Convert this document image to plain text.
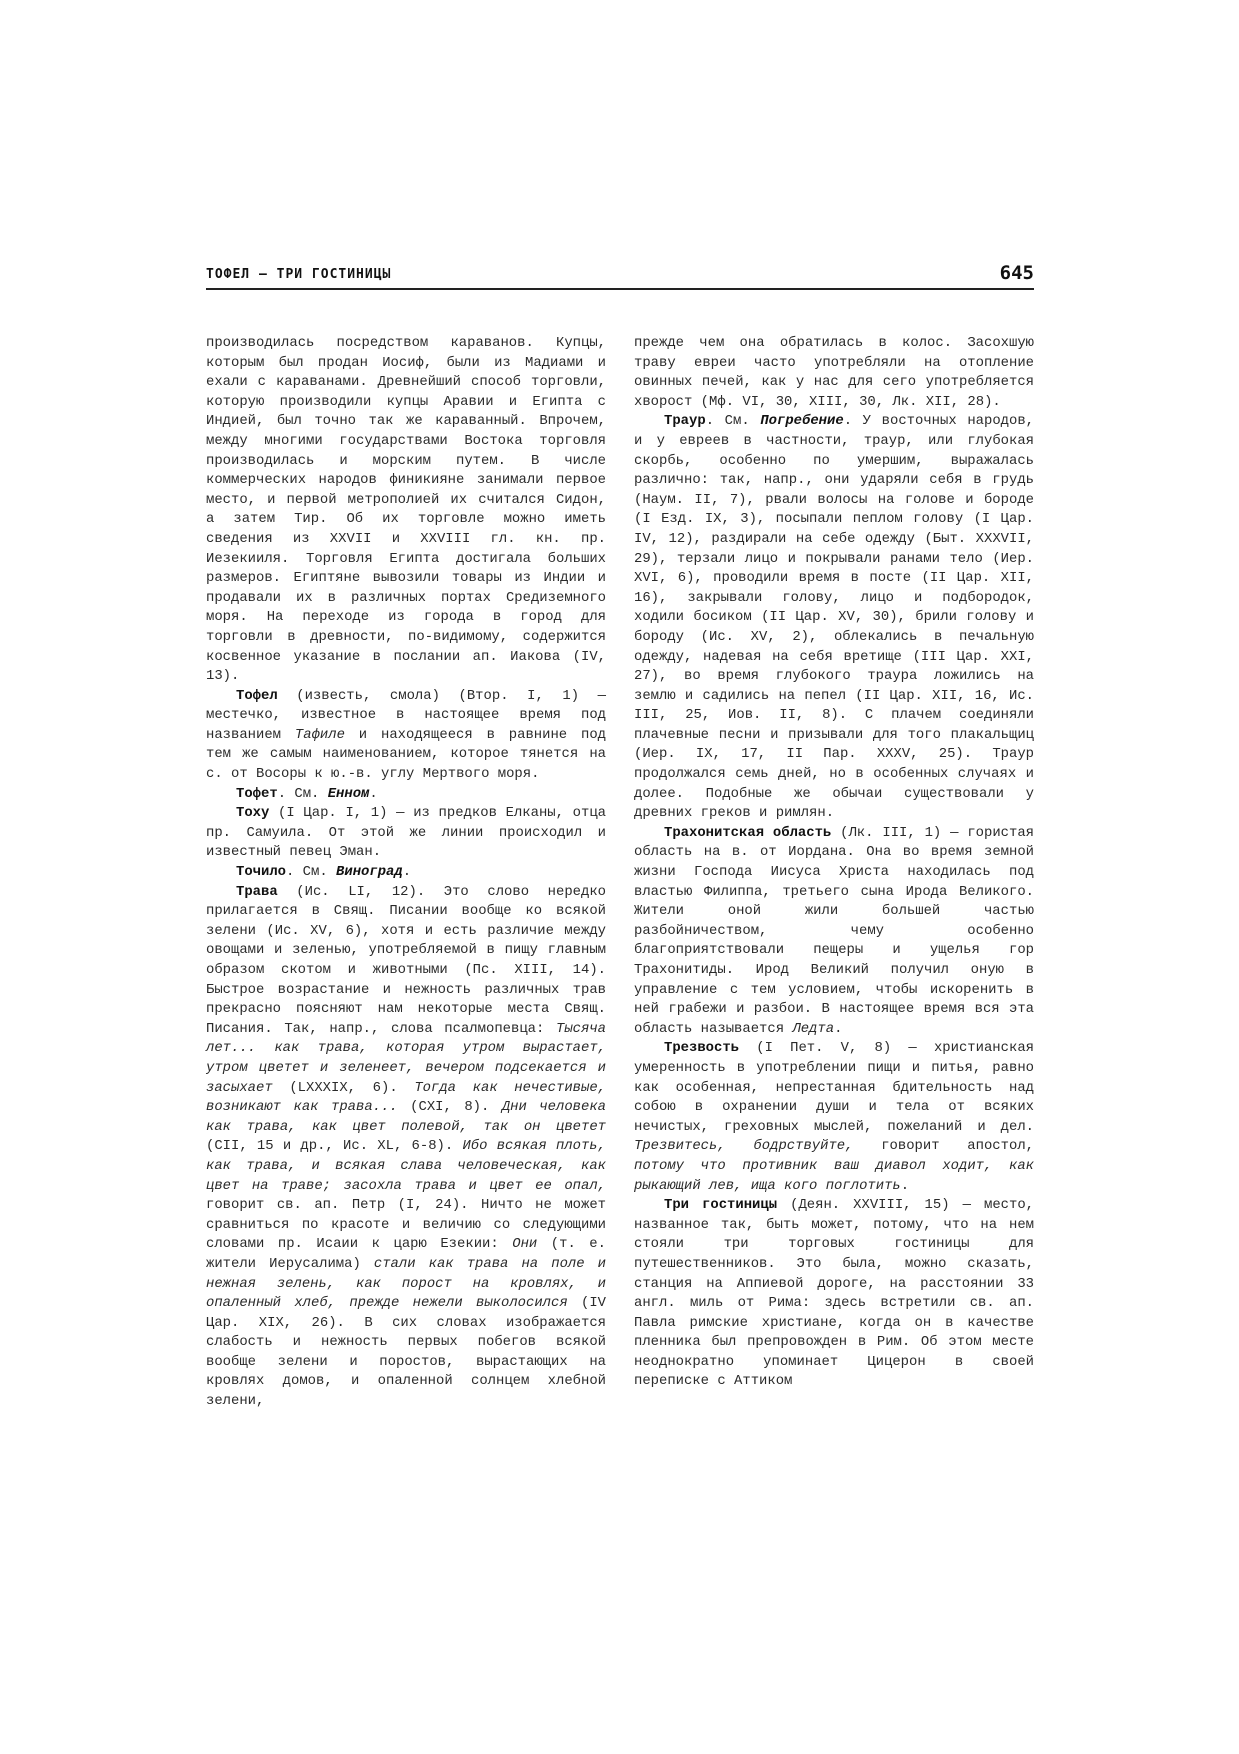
ТОФЕЛ — ТРИ ГОСТИНИЦЫ	645

производилась посредством караванов. Купцы, которым был продан Иосиф, были из Мадиами и ехали с караванами. Древнейший способ торговли, которую производили купцы Аравии и Египта с Индией, был точно так же караванный. Впрочем, между многими государствами Востока торговля производилась и морским путем. В числе коммерческих народов финикияне занимали первое место, и первой метрополией их считался Сидон, а затем Тир. Об их торговле можно иметь сведения из XXVII и XXVIII гл. кн. пр. Иезекииля. Торговля Египта достигала больших размеров. Египтяне вывозили товары из Индии и продавали их в различных портах Средиземного моря. На переходе из города в город для торговли в древности, по-видимому, содержится косвенное указание в послании ап. Иакова (IV, 13).

Тофел (известь, смола) (Втор. I, 1) — местечко, известное в настоящее время под названием Тафиле и находящееся в равнине под тем же самым наименованием, которое тянется на с. от Восоры к ю.-в. углу Мертвого моря.

Тофет. См. Енном.

Тоху (I Цар. I, 1) — из предков Елканы, отца пр. Самуила. От этой же линии происходил и известный певец Эман.

Точило. См. Виноград.

Трава (Ис. LI, 12). Это слово нередко прилагается в Свящ. Писании вообще ко всякой зелени (Ис. XV, 6), хотя и есть различие между овощами и зеленью, употребляемой в пищу главным образом скотом и животными (Пс. XIII, 14). Быстрое возрастание и нежность различных трав прекрасно поясняют нам некоторые места Свящ. Писания. Так, напр., слова псалмопевца: Тысяча лет... как трава, которая утром вырастает, утром цветет и зеленеет, вечером подсекается и засыхает (LXXXIX, 6). Тогда как нечестивые, возникают как трава... (CXI, 8). Дни человека как трава, как цвет полевой, так он цветет (CII, 15 и др., Ис. XL, 6-8). Ибо всякая плоть, как трава, и всякая слава человеческая, как цвет на траве; засохла трава и цвет ее опал, говорит св. ап. Петр (I, 24). Ничто не может сравниться по красоте и величию со следующими словами пр. Исаии к царю Езекии: Они (т. е. жители Иерусалима) стали как трава на поле и нежная зелень, как порост на кровлях, и опаленный хлеб, прежде нежели выколосился (IV Цар. XIX, 26). В сих словах изображается слабость и нежность первых побегов всякой вообще зелени и поростов, вырастающих на кровлях домов, и опаленной солнцем хлебной зелени,

прежде чем она обратилась в колос. Засохшую траву евреи часто употребляли на отопление овинных печей, как у нас для сего употребляется хворост (Мф. VI, 30, XIII, 30, Лк. XII, 28).

Траур. См. Погребение. У восточных народов, и у евреев в частности, траур, или глубокая скорбь, особенно по умершим, выражалась различно: так, напр., они ударяли себя в грудь (Наум. II, 7), рвали волосы на голове и бороде (I Езд. IX, 3), посыпали пеплом голову (I Цар. IV, 12), раздирали на себе одежду (Быт. XXXVII, 29), терзали лицо и покрывали ранами тело (Иер. XVI, 6), проводили время в посте (II Цар. XII, 16), закрывали голову, лицо и подбородок, ходили босиком (II Цар. XV, 30), брили голову и бороду (Ис. XV, 2), облекались в печальную одежду, надевая на себя вретище (III Цар. XXI, 27), во время глубокого траура ложились на землю и садились на пепел (II Цар. XII, 16, Ис. III, 25, Иов. II, 8). С плачем соединяли плачевные песни и призывали для того плакальщиц (Иер. IX, 17, II Пар. XXXV, 25). Траур продолжался семь дней, но в особенных случаях и долее. Подобные же обычаи существовали у древних греков и римлян.

Трахонитская область (Лк. III, 1) — гористая область на в. от Иордана. Она во время земной жизни Господа Иисуса Христа находилась под властью Филиппа, третьего сына Ирода Великого. Жители оной жили большей частью разбойничеством, чему особенно благоприятствовали пещеры и ущелья гор Трахонитиды. Ирод Великий получил оную в управление с тем условием, чтобы искоренить в ней грабежи и разбои. В настоящее время вся эта область называется Ледта.

Трезвость (I Пет. V, 8) — христианская умеренность в употреблении пищи и питья, равно как особенная, непрестанная бдительность над собою в охранении души и тела от всяких нечистых, греховных мыслей, пожеланий и дел. Трезвитесь, бодрствуйте, говорит апостол, потому что противник ваш диавол ходит, как рыкающий лев, ища кого поглотить.

Три гостиницы (Деян. XXVIII, 15) — место, названное так, быть может, потому, что на нем стояли три торговых гостиницы для путешественников. Это была, можно сказать, станция на Аппиевой дороге, на расстоянии 33 англ. миль от Рима: здесь встретили св. ап. Павла римские христиане, когда он в качестве пленника был препровожден в Рим. Об этом месте неоднократно упоминает Цицерон в своей переписке с Аттиком
